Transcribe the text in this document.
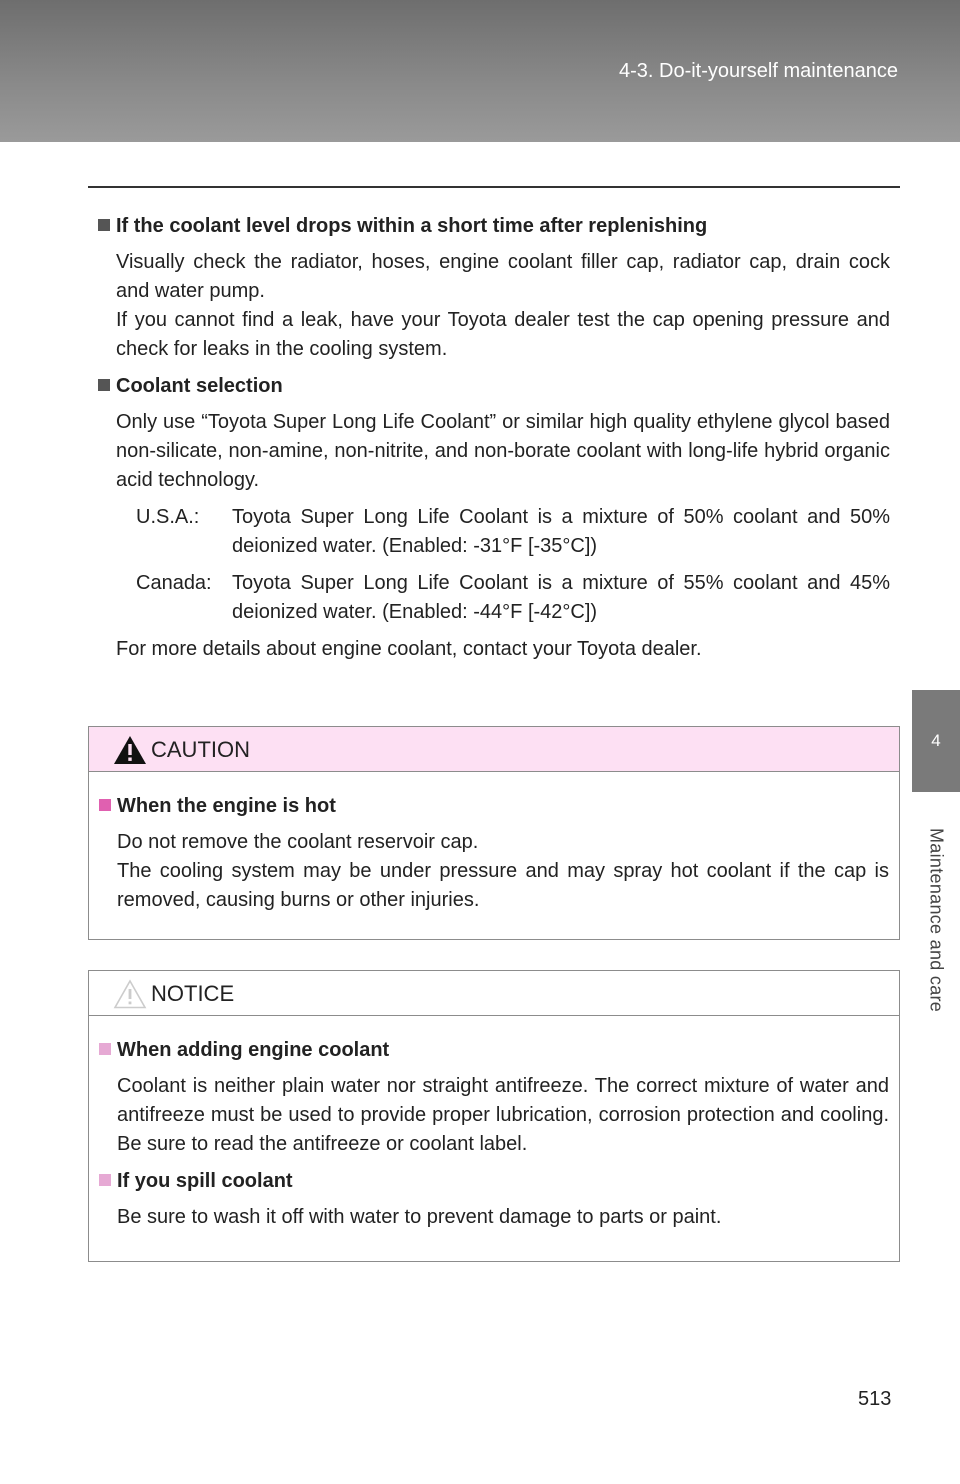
4-3. Do-it-yourself maintenance
4
Maintenance and care
If the coolant level drops within a short time after replenishing
Visually check the radiator, hoses, engine coolant filler cap, radiator cap, drain cock and water pump.
If you cannot find a leak, have your Toyota dealer test the cap opening pressure and check for leaks in the cooling system.
Coolant selection
Only use “Toyota Super Long Life Coolant” or similar high quality ethylene glycol based non-silicate, non-amine, non-nitrite, and non-borate coolant with long-life hybrid organic acid technology.
U.S.A.:	Toyota Super Long Life Coolant is a mixture of 50% coolant and 50% deionized water. (Enabled: -31°F [-35°C])
Canada:	Toyota Super Long Life Coolant is a mixture of 55% coolant and 45% deionized water. (Enabled: -44°F [-42°C])
For more details about engine coolant, contact your Toyota dealer.
CAUTION
When the engine is hot
Do not remove the coolant reservoir cap.
The cooling system may be under pressure and may spray hot coolant if the cap is removed, causing burns or other injuries.
NOTICE
When adding engine coolant
Coolant is neither plain water nor straight antifreeze. The correct mixture of water and antifreeze must be used to provide proper lubrication, corrosion protection and cooling. Be sure to read the antifreeze or coolant label.
If you spill coolant
Be sure to wash it off with water to prevent damage to parts or paint.
513
